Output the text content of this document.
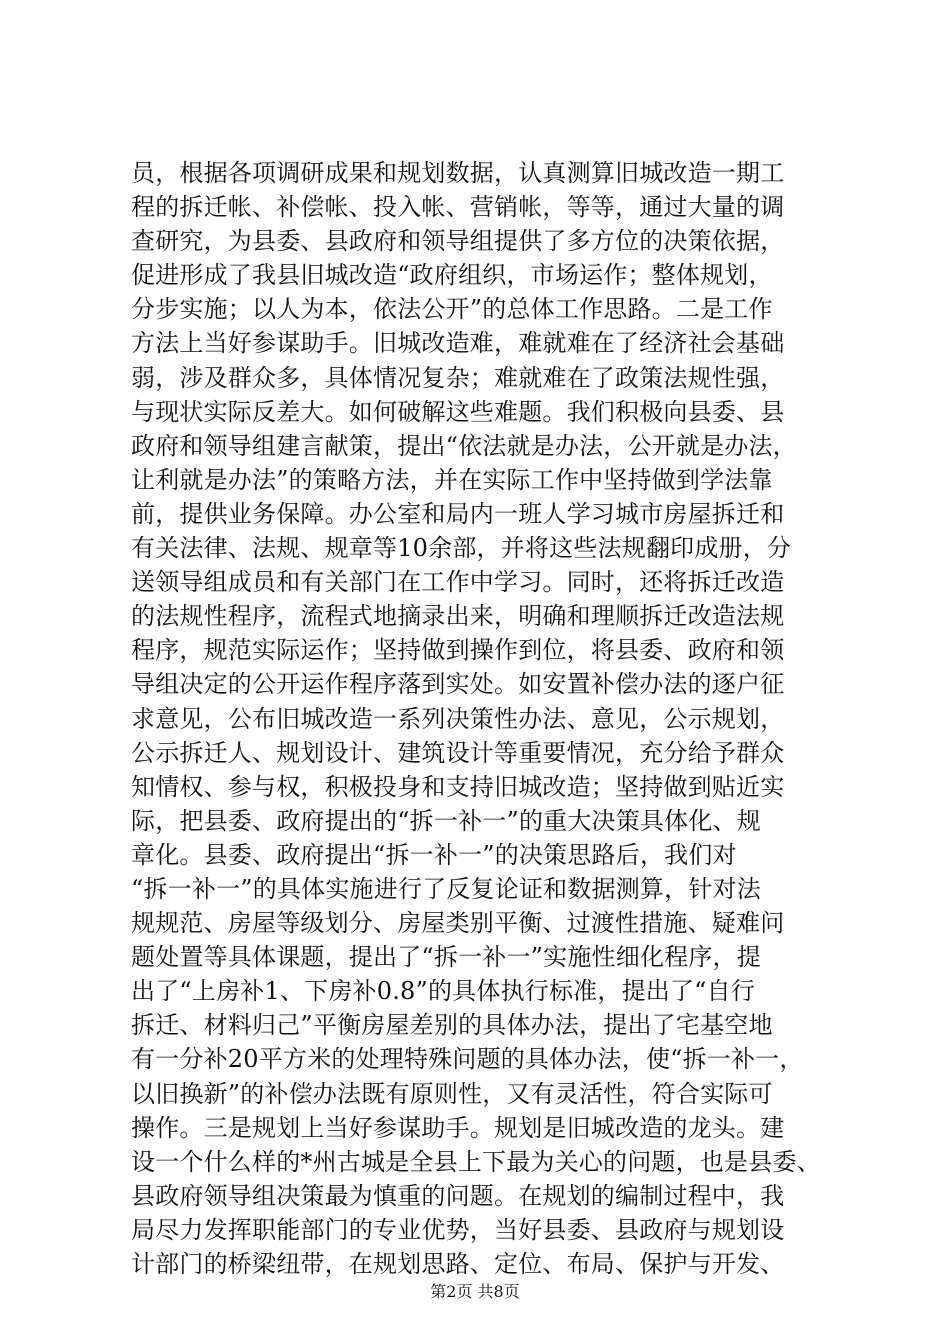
员，根据各项调研成果和规划数据，认真测算旧城改造一期工
程的拆迁帐、补偿帐、投入帐、营销帐，等等，通过大量的调
查研究，为县委、县政府和领导组提供了多方位的决策依据，
促进形成了我县旧城改造“政府组织，市场运作；整体规划，
分步实施；以人为本，依法公开”的总体工作思路。二是工作
方法上当好参谋助手。旧城改造难，难就难在了经济社会基础
弱，涉及群众多，具体情况复杂；难就难在了政策法规性强，
与现状实际反差大。如何破解这些难题。我们积极向县委、县
政府和领导组建言献策，提出“依法就是办法，公开就是办法，
让利就是办法”的策略方法，并在实际工作中坚持做到学法靠
前，提供业务保障。办公室和局内一班人学习城市房屋拆迁和
有关法律、法规、规章等10余部，并将这些法规翻印成册，分
送领导组成员和有关部门在工作中学习。同时，还将拆迁改造
的法规性程序，流程式地摘录出来，明确和理顺拆迁改造法规
程序，规范实际运作；坚持做到操作到位，将县委、政府和领
导组决定的公开运作程序落到实处。如安置补偿办法的逐户征
求意见，公布旧城改造一系列决策性办法、意见，公示规划，
公示拆迁人、规划设计、建筑设计等重要情况，充分给予群众
知情权、参与权，积极投身和支持旧城改造；坚持做到贴近实
际，把县委、政府提出的“拆一补一”的重大决策具体化、规
章化。县委、政府提出“拆一补一”的决策思路后，我们对
“拆一补一”的具体实施进行了反复论证和数据测算，针对法
规规范、房屋等级划分、房屋类别平衡、过渡性措施、疑难问
题处置等具体课题，提出了“拆一补一”实施性细化程序，提
出了“上房补1、下房补0.8”的具体执行标准，提出了“自行
拆迁、材料归己”平衡房屋差别的具体办法，提出了宅基空地
有一分补20平方米的处理特殊问题的具体办法，使“拆一补一，
以旧换新”的补偿办法既有原则性，又有灵活性，符合实际可
操作。三是规划上当好参谋助手。规划是旧城改造的龙头。建
设一个什么样的*州古城是全县上下最为关心的问题，也是县委、
县政府领导组决策最为慎重的问题。在规划的编制过程中，我
局尽力发挥职能部门的专业优势，当好县委、县政府与规划设
计部门的桥梁纽带，在规划思路、定位、布局、保护与开发、
第2页 共8页
